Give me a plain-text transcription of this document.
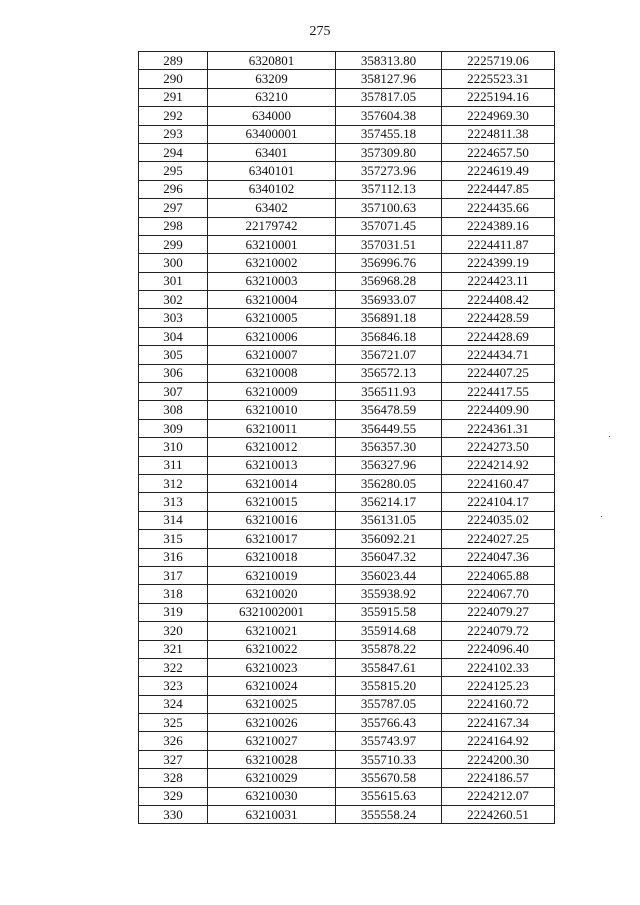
275
289	6320801	358313.80	2225719.06
290	63209	358127.96	2225523.31
291	63210	357817.05	2225194.16
292	634000	357604.38	2224969.30
293	63400001	357455.18	2224811.38
294	63401	357309.80	2224657.50
295	6340101	357273.96	2224619.49
296	6340102	357112.13	2224447.85
297	63402	357100.63	2224435.66
298	22179742	357071.45	2224389.16
299	63210001	357031.51	2224411.87
300	63210002	356996.76	2224399.19
301	63210003	356968.28	2224423.11
302	63210004	356933.07	2224408.42
303	63210005	356891.18	2224428.59
304	63210006	356846.18	2224428.69
305	63210007	356721.07	2224434.71
306	63210008	356572.13	2224407.25
307	63210009	356511.93	2224417.55
308	63210010	356478.59	2224409.90
309	63210011	356449.55	2224361.31
310	63210012	356357.30	2224273.50
311	63210013	356327.96	2224214.92
312	63210014	356280.05	2224160.47
313	63210015	356214.17	2224104.17
314	63210016	356131.05	2224035.02
315	63210017	356092.21	2224027.25
316	63210018	356047.32	2224047.36
317	63210019	356023.44	2224065.88
318	63210020	355938.92	2224067.70
319	6321002001	355915.58	2224079.27
320	63210021	355914.68	2224079.72
321	63210022	355878.22	2224096.40
322	63210023	355847.61	2224102.33
323	63210024	355815.20	2224125.23
324	63210025	355787.05	2224160.72
325	63210026	355766.43	2224167.34
326	63210027	355743.97	2224164.92
327	63210028	355710.33	2224200.30
328	63210029	355670.58	2224186.57
329	63210030	355615.63	2224212.07
330	63210031	355558.24	2224260.51
